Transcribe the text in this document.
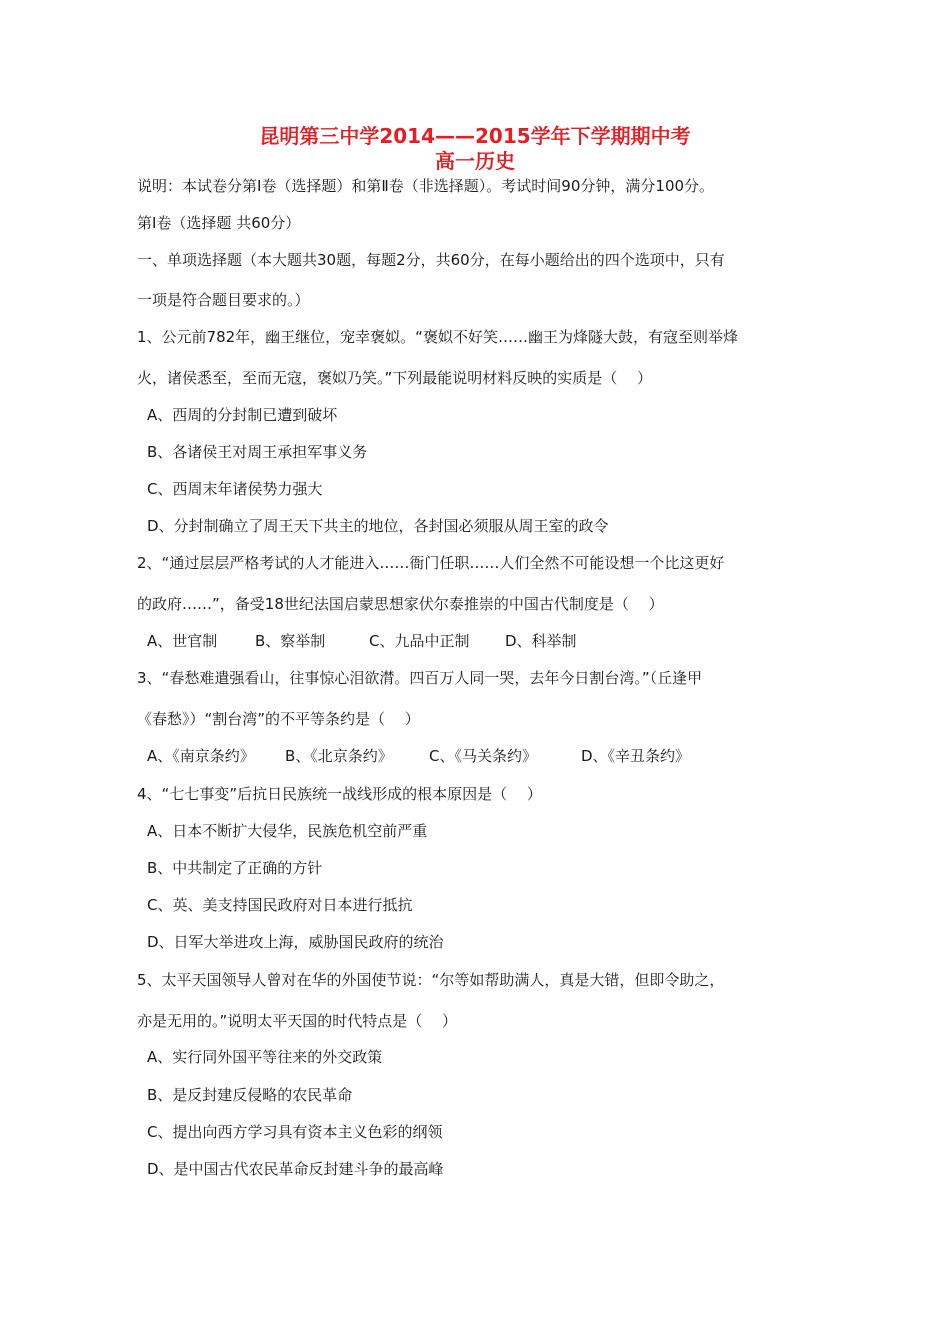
昆明第三中学2014——2015学年下学期期中考
高一历史
说明：本试卷分第Ⅰ卷（选择题）和第Ⅱ卷（非选择题）。考试时间90分钟，满分100分。
第Ⅰ卷（选择题 共60分）
一、单项选择题（本大题共30题，每题2分，共60分，在每小题给出的四个选项中，只有
一项是符合题目要求的。）
1、公元前782年，幽王继位，宠幸褒姒。“褒姒不好笑……幽王为烽隧大鼓，有寇至则举烽
火，诸侯悉至，至而无寇，褒姒乃笑。”下列最能说明材料反映的实质是（　 ）
A、西周的分封制已遭到破坏
B、各诸侯王对周王承担军事义务
C、西周末年诸侯势力强大
D、分封制确立了周王天下共主的地位，各封国必须服从周王室的政令
2、“通过层层严格考试的人才能进入……衙门任职……人们全然不可能设想一个比这更好
的政府……”，备受18世纪法国启蒙思想家伏尔泰推崇的中国古代制度是（　 ）
A、世官制	B、察举制	C、九品中正制 D、科举制
3、“春愁难遣强看山，往事惊心泪欲潸。四百万人同一哭，去年今日割台湾。”（丘逢甲
《春愁》）“割台湾”的不平等条约是（　 ）
A、《南京条约》 B、《北京条约》 C、《马关条约》	D、《辛丑条约》
4、“七七事变”后抗日民族统一战线形成的根本原因是（　 ）
A、日本不断扩大侵华，民族危机空前严重
B、中共制定了正确的方针
C、英、美支持国民政府对日本进行抵抗
D、日军大举进攻上海，威胁国民政府的统治
5、太平天国领导人曾对在华的外国使节说：“尔等如帮助满人，真是大错，但即令助之，
亦是无用的。”说明太平天国的时代特点是（　 ）
A、实行同外国平等往来的外交政策
B、是反封建反侵略的农民革命
C、提出向西方学习具有资本主义色彩的纲领
D、是中国古代农民革命反封建斗争的最高峰
